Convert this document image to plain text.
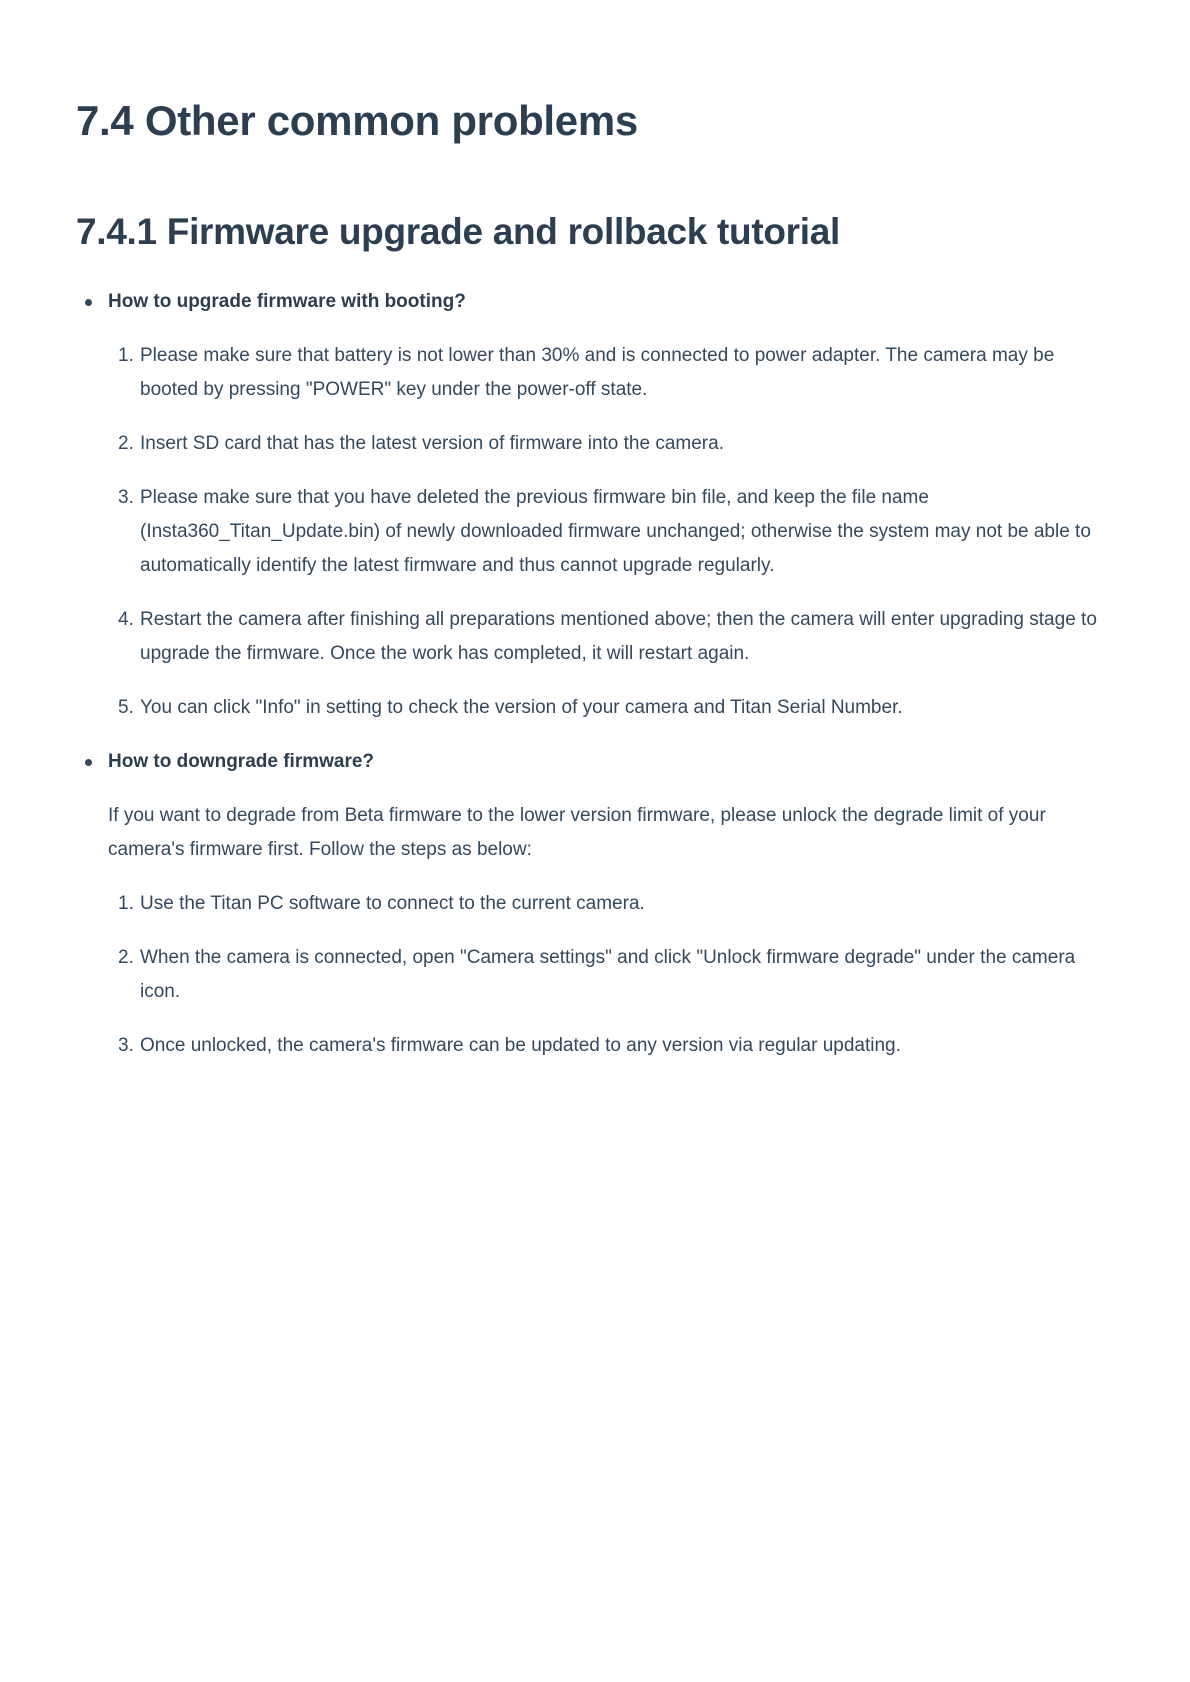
7.4 Other common problems
7.4.1 Firmware upgrade and rollback tutorial

How to upgrade firmware with booting?

1. Please make sure that battery is not lower than 30% and is connected to power adapter. The camera may be booted by pressing "POWER" key under the power-off state.
2. Insert SD card that has the latest version of firmware into the camera.
3. Please make sure that you have deleted the previous firmware bin file, and keep the file name (Insta360_Titan_Update.bin) of newly downloaded firmware unchanged; otherwise the system may not be able to automatically identify the latest firmware and thus cannot upgrade regularly.
4. Restart the camera after finishing all preparations mentioned above; then the camera will enter upgrading stage to upgrade the firmware. Once the work has completed, it will restart again.
5. You can click "Info" in setting to check the version of your camera and Titan Serial Number.

How to downgrade firmware?

If you want to degrade from Beta firmware to the lower version firmware, please unlock the degrade limit of your camera's firmware first. Follow the steps as below:

1. Use the Titan PC software to connect to the current camera.
2. When the camera is connected, open "Camera settings" and click "Unlock firmware degrade" under the camera icon.
3. Once unlocked, the camera's firmware can be updated to any version via regular updating.
